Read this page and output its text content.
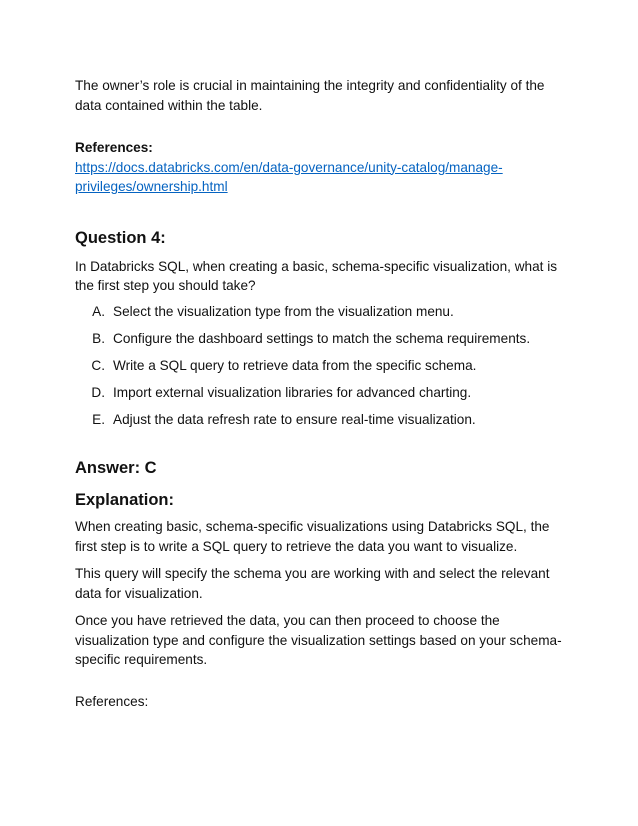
The owner’s role is crucial in maintaining the integrity and confidentiality of the
data contained within the table.

References:

https://docs.databricks.com/en/data-governance/unity-catalog/manage-privileges/ownership.html
Question 4:

In Databricks SQL, when creating a basic, schema-specific visualization, what is the first step you should take?

A. Select the visualization type from the visualization menu.
B. Configure the dashboard settings to match the schema requirements.
C. Write a SQL query to retrieve data from the specific schema.
D. Import external visualization libraries for advanced charting.
E. Adjust the data refresh rate to ensure real-time visualization.
Answer: C
Explanation:

When creating basic, schema-specific visualizations using Databricks SQL, the first step is to write a SQL query to retrieve the data you want to visualize.

This query will specify the schema you are working with and select the relevant data for visualization.

Once you have retrieved the data, you can then proceed to choose the visualization type and configure the visualization settings based on your schema-specific requirements.

References:
